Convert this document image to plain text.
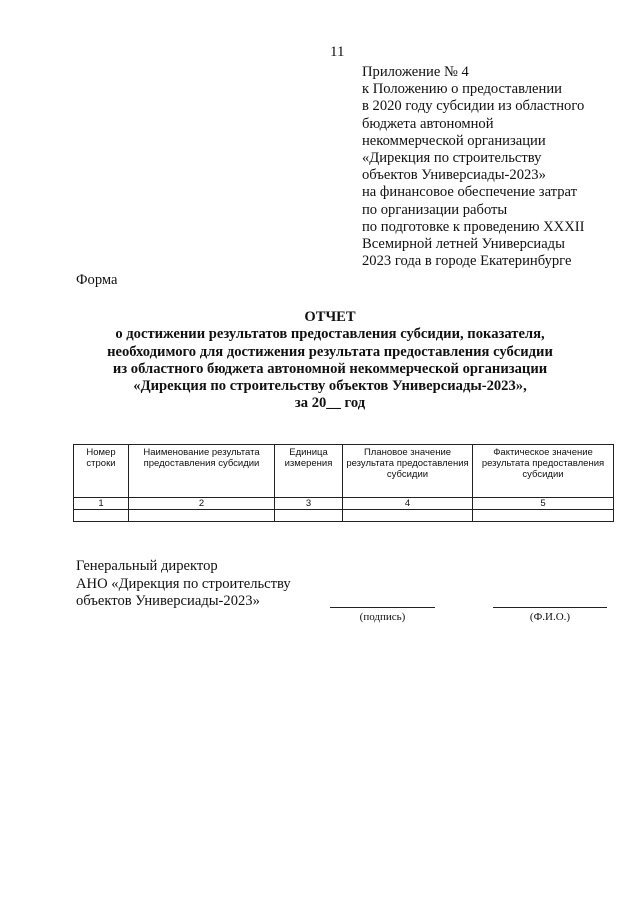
11
Приложение № 4
к Положению о предоставлении
в 2020 году субсидии из областного
бюджета автономной
некоммерческой организации
«Дирекция по строительству
объектов Универсиады-2023»
на финансовое обеспечение затрат
по организации работы
по подготовке к проведению XXXII
Всемирной летней Универсиады
2023 года в городе Екатеринбурге
Форма
ОТЧЕТ
о достижении результатов предоставления субсидии, показателя,
необходимого для достижения результата предоставления субсидии
из областного бюджета автономной некоммерческой организации
«Дирекция по строительству объектов Универсиады-2023»,
за 20__ год
Номер строки	Наименование результата предоставления субсидии	Единица измерения	Плановое значение результата предоставления субсидии	Фактическое значение результата предоставления субсидии
1	2	3	4	5

Генеральный директор
АНО «Дирекция по строительству
объектов Универсиады-2023»
(подпись)	(Ф.И.О.)
